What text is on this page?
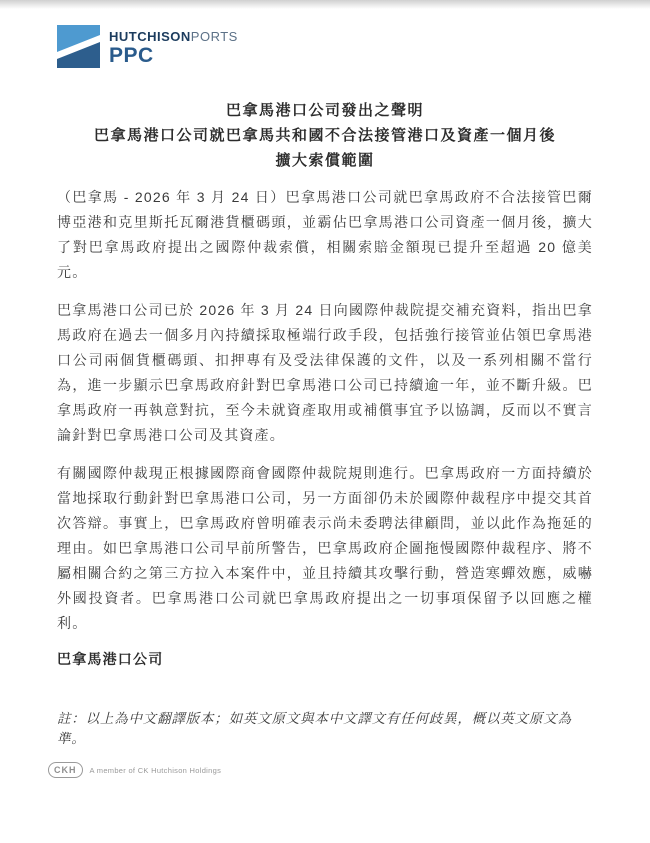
HUTCHISONPORTS
PPC
巴拿馬港口公司發出之聲明
巴拿馬港口公司就巴拿馬共和國不合法接管港口及資產一個月後
擴大索償範圍

（巴拿馬 - 2026 年 3 月 24 日）巴拿馬港口公司就巴拿馬政府不合法接管巴爾博亞港和克里斯托瓦爾港貨櫃碼頭，並霸佔巴拿馬港口公司資產一個月後，擴大了對巴拿馬政府提出之國際仲裁索償，相關索賠金額現已提升至超過 20 億美元。

巴拿馬港口公司已於 2026 年 3 月 24 日向國際仲裁院提交補充資料，指出巴拿馬政府在過去一個多月內持續採取極端行政手段，包括強行接管並佔領巴拿馬港口公司兩個貨櫃碼頭、扣押專有及受法律保護的文件，以及一系列相關不當行為，進一步顯示巴拿馬政府針對巴拿馬港口公司已持續逾一年，並不斷升級。巴拿馬政府一再執意對抗，至今未就資產取用或補償事宜予以協調，反而以不實言論針對巴拿馬港口公司及其資產。

有關國際仲裁現正根據國際商會國際仲裁院規則進行。巴拿馬政府一方面持續於當地採取行動針對巴拿馬港口公司，另一方面卻仍未於國際仲裁程序中提交其首次答辯。事實上，巴拿馬政府曾明確表示尚未委聘法律顧問，並以此作為拖延的理由。如巴拿馬港口公司早前所警告，巴拿馬政府企圖拖慢國際仲裁程序、將不屬相關合約之第三方拉入本案件中，並且持續其攻擊行動，營造寒蟬效應，威嚇外國投資者。巴拿馬港口公司就巴拿馬政府提出之一切事項保留予以回應之權利。

巴拿馬港口公司
註：以上為中文翻譯版本；如英文原文與本中文譯文有任何歧異，概以英文原文為準。
CKH	A member of CK Hutchison Holdings
